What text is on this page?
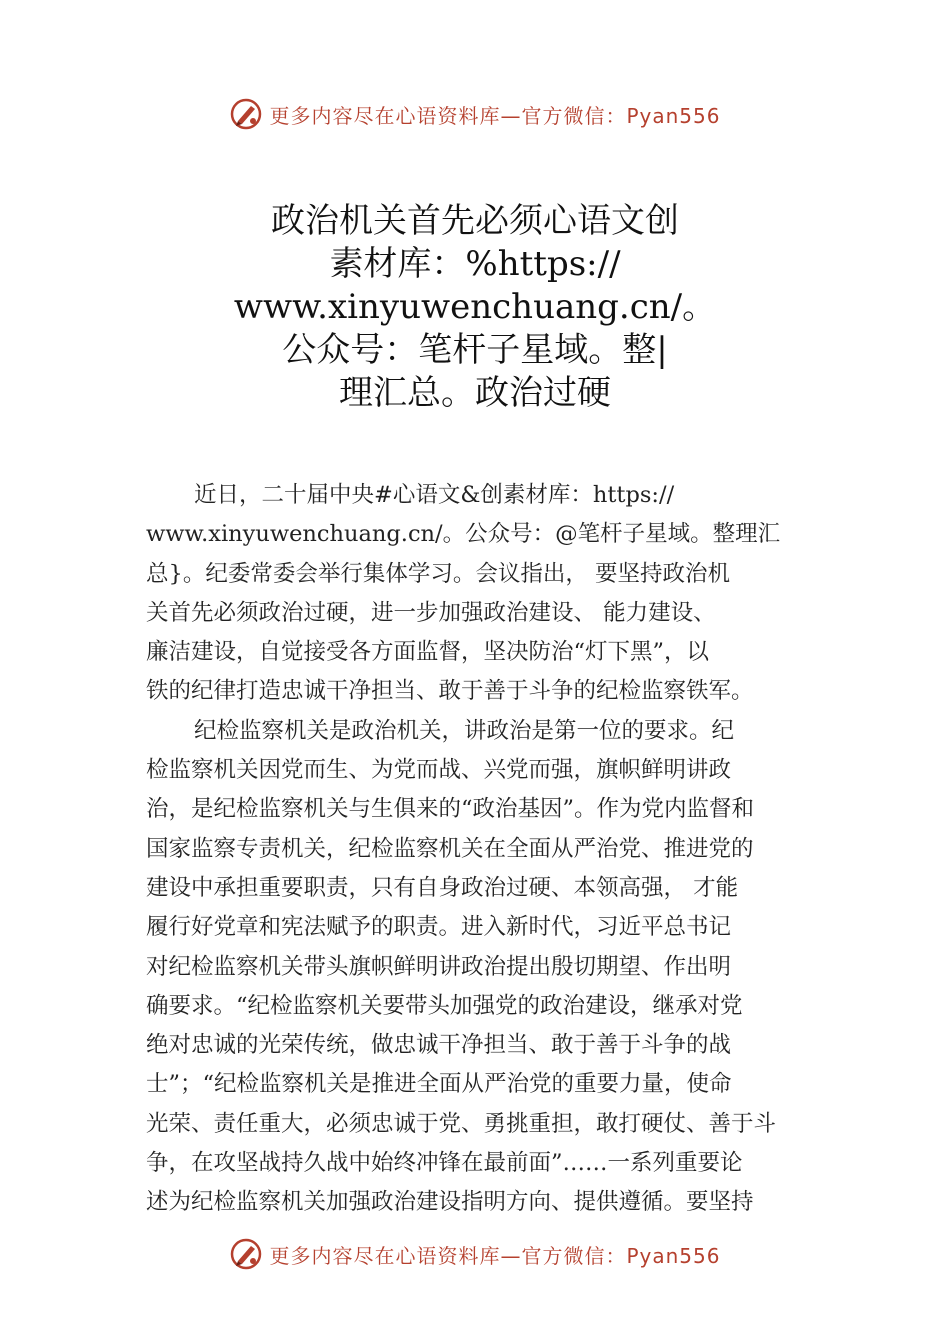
更多内容尽在心语资料库—官方微信：Pyan556
政治机关首先必须心语文创
素材库：%https://
www.xinyuwenchuang.cn/。
公众号：笔杆子星域。整|
理汇总。政治过硬
近日，二十届中央#心语文&创素材库：https://
www.xinyuwenchuang.cn/。公众号：@笔杆子星域。整理汇
总}。纪委常委会举行集体学习。会议指出， 要坚持政治机
关首先必须政治过硬，进一步加强政治建设、 能力建设、
廉洁建设，自觉接受各方面监督，坚决防治“灯下黑”，以
铁的纪律打造忠诚干净担当、敢于善于斗争的纪检监察铁军。
纪检监察机关是政治机关，讲政治是第一位的要求。纪
检监察机关因党而生、为党而战、兴党而强，旗帜鲜明讲政
治，是纪检监察机关与生俱来的“政治基因”。作为党内监督和
国家监察专责机关，纪检监察机关在全面从严治党、推进党的
建设中承担重要职责，只有自身政治过硬、本领高强， 才能
履行好党章和宪法赋予的职责。进入新时代，习近平总书记
对纪检监察机关带头旗帜鲜明讲政治提出殷切期望、作出明
确要求。“纪检监察机关要带头加强党的政治建设，继承对党
绝对忠诚的光荣传统，做忠诚干净担当、敢于善于斗争的战
士”；“纪检监察机关是推进全面从严治党的重要力量，使命
光荣、责任重大，必须忠诚于党、勇挑重担，敢打硬仗、善于斗
争，在攻坚战持久战中始终冲锋在最前面”……一系列重要论
述为纪检监察机关加强政治建设指明方向、提供遵循。要坚持
更多内容尽在心语资料库—官方微信：Pyan556
